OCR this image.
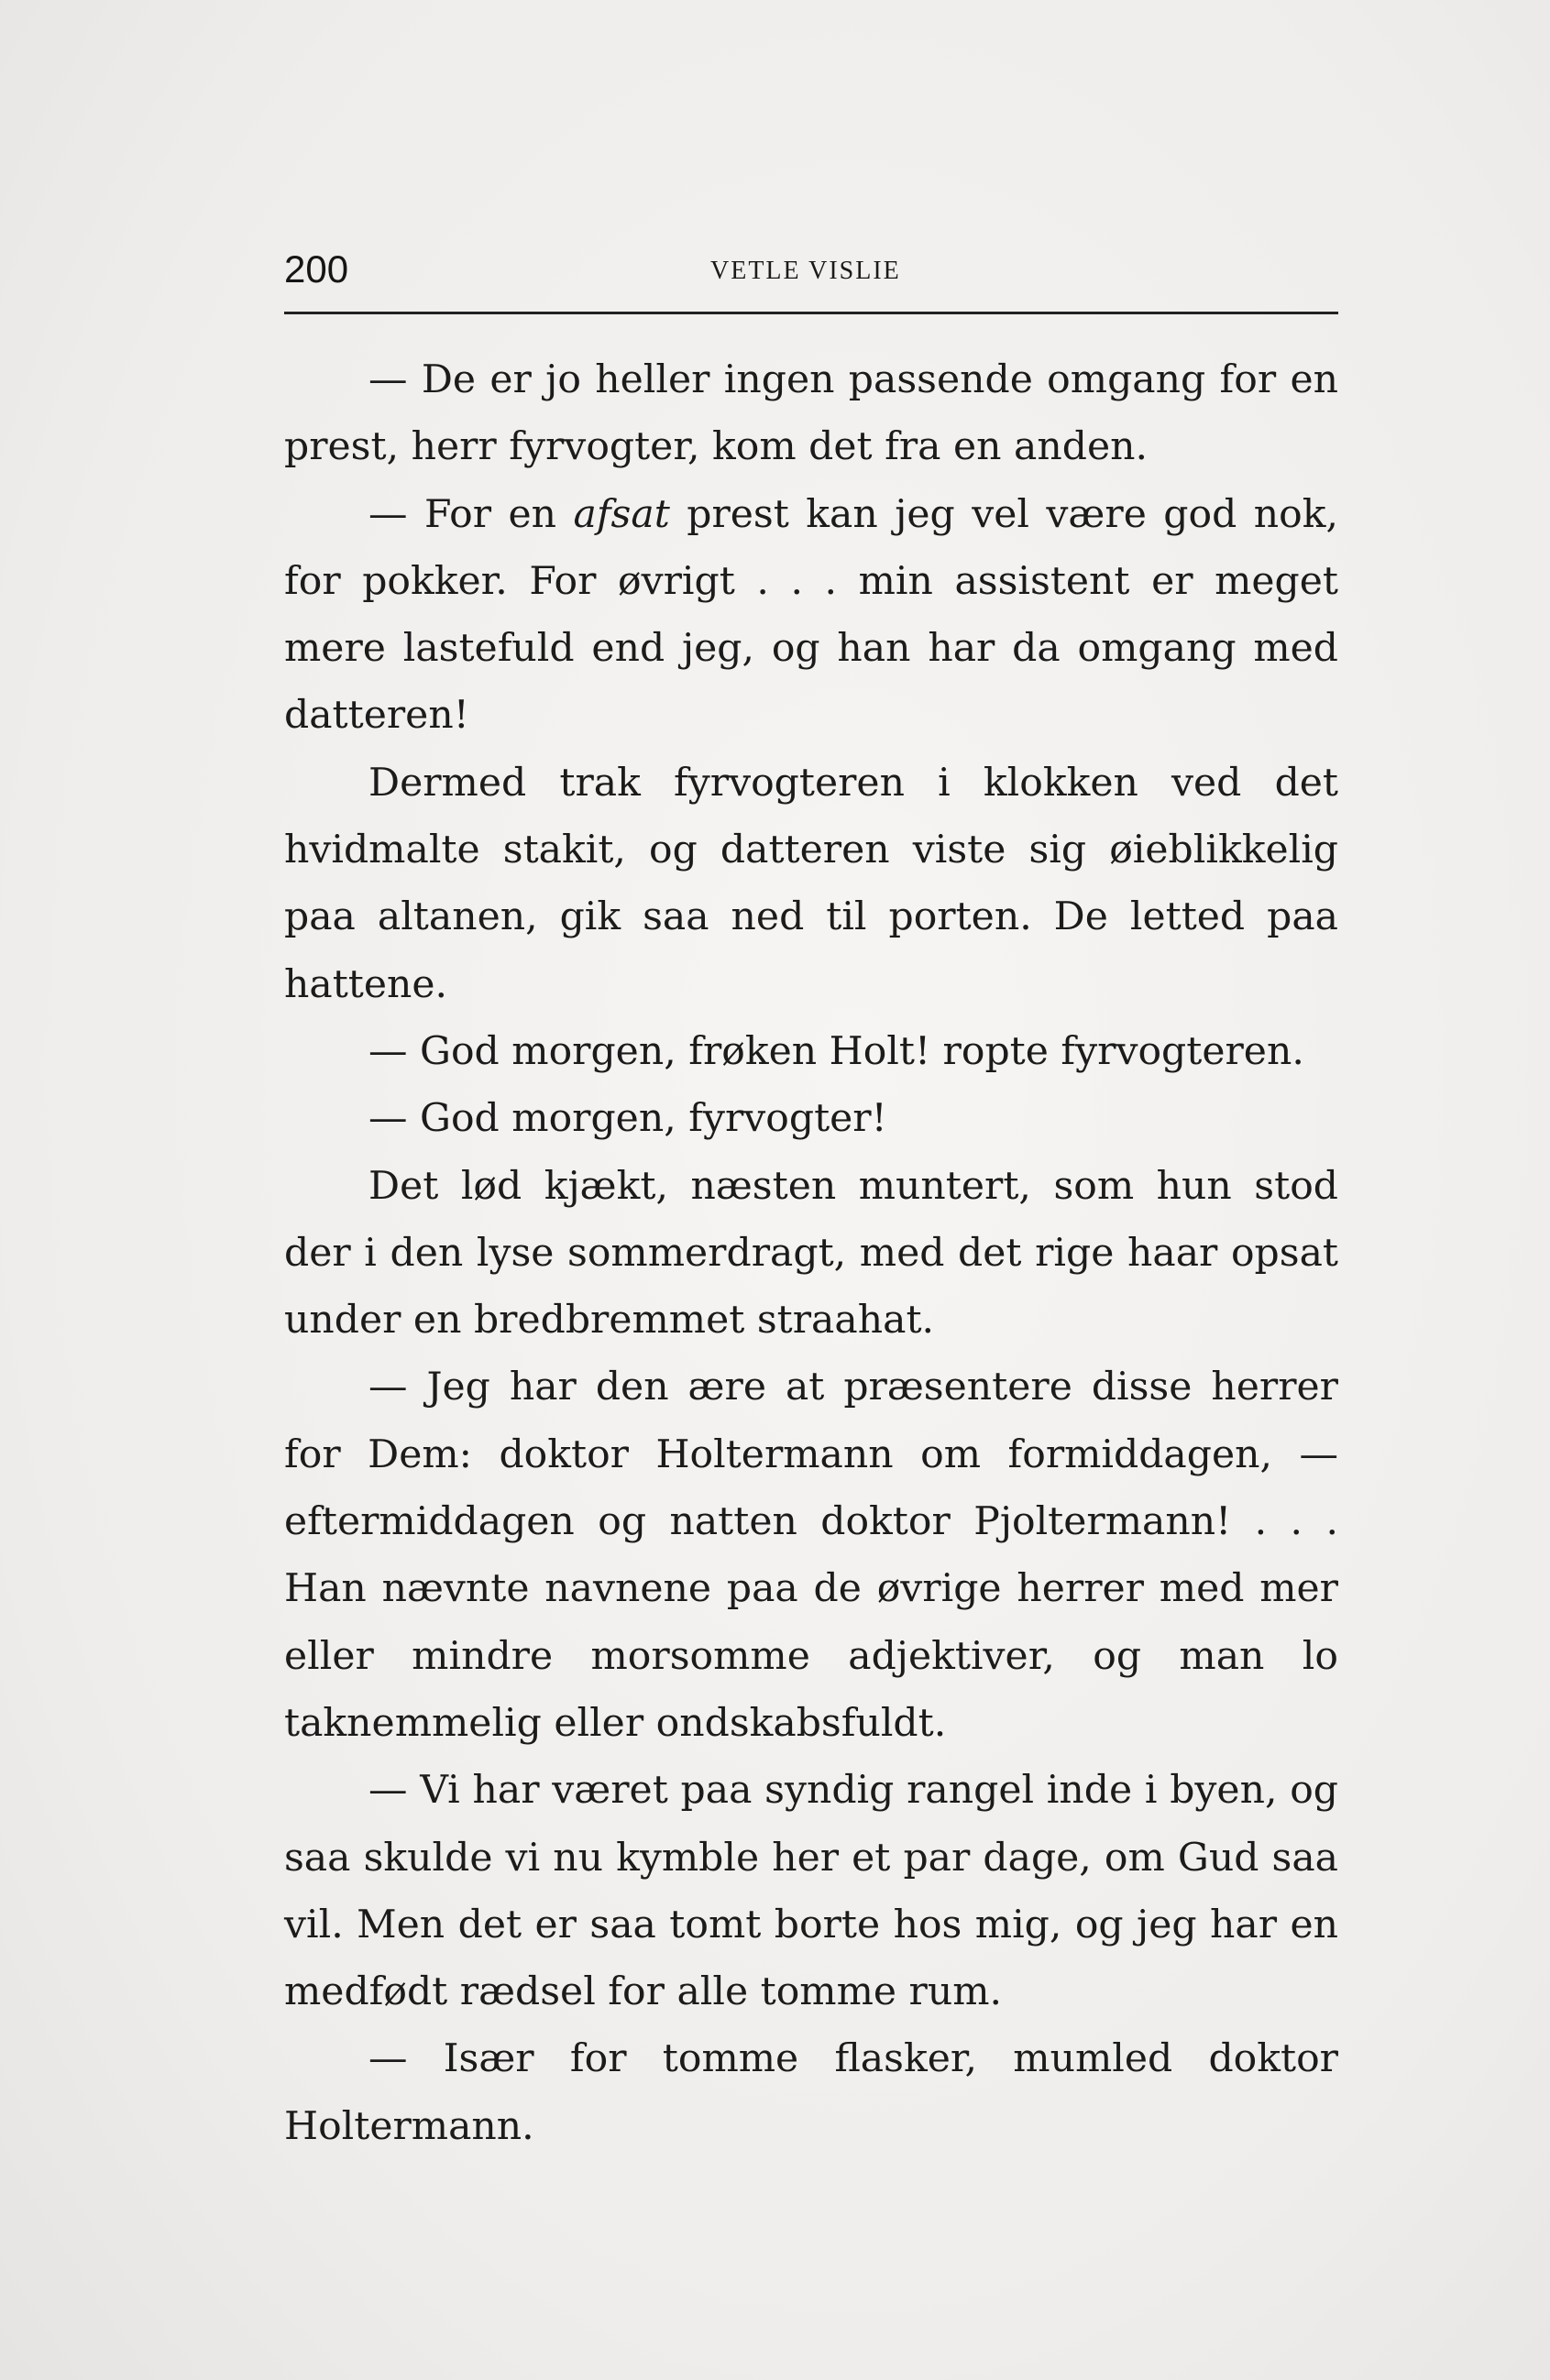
200	VETLE VISLIE

— De er jo heller ingen passende omgang for en prest, herr fyrvogter, kom det fra en anden.

— For en afsat prest kan jeg vel være god nok, for pokker. For øvrigt . . . min assistent er meget mere lastefuld end jeg, og han har da omgang med datteren!

Dermed trak fyrvogteren i klokken ved det hvidmalte stakit, og datteren viste sig øieblikkelig paa altanen, gik saa ned til porten. De letted paa hattene.

— God morgen, frøken Holt! ropte fyrvogteren.

— God morgen, fyrvogter!

Det lød kjækt, næsten muntert, som hun stod der i den lyse sommerdragt, med det rige haar opsat under en bredbremmet straahat.

— Jeg har den ære at præsentere disse herrer for Dem: doktor Holtermann om formiddagen, — eftermiddagen og natten doktor Pjoltermann! . . . Han nævnte navnene paa de øvrige herrer med mer eller mindre morsomme adjektiver, og man lo taknemmelig eller ondskabsfuldt.

— Vi har været paa syndig rangel inde i byen, og saa skulde vi nu kymble her et par dage, om Gud saa vil. Men det er saa tomt borte hos mig, og jeg har en medfødt rædsel for alle tomme rum.

— Især for tomme flasker, mumled doktor Holtermann.
